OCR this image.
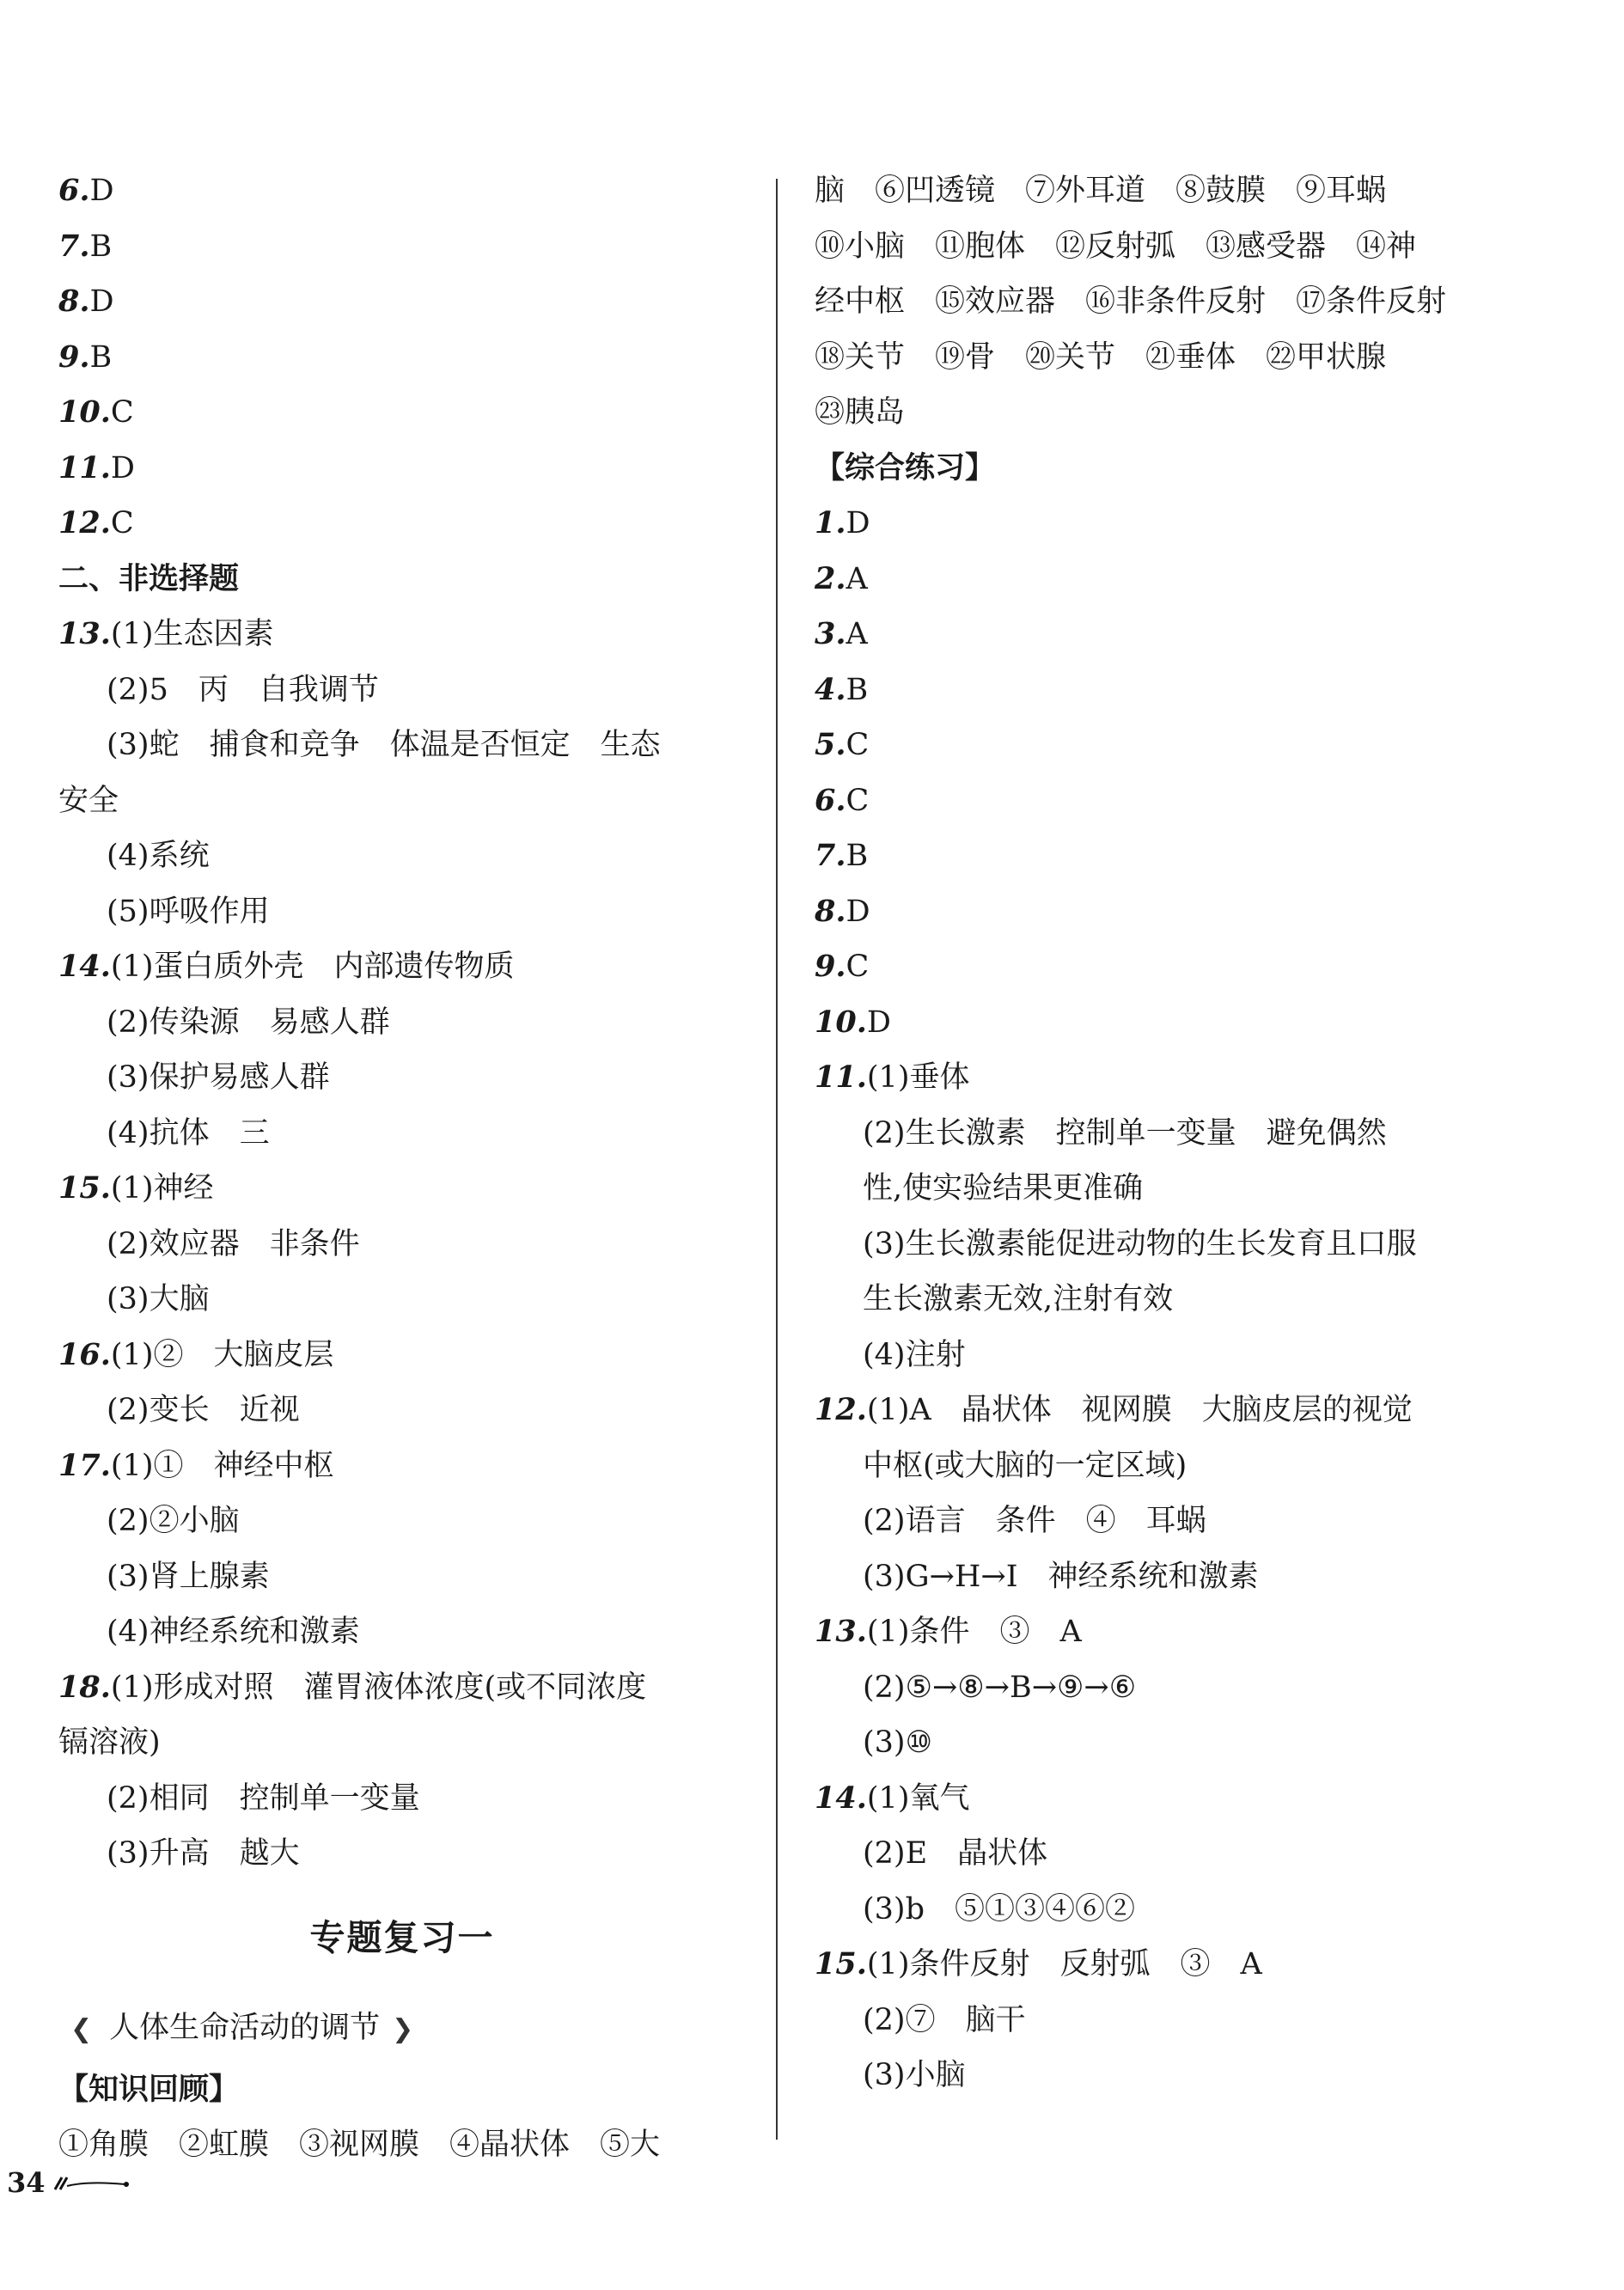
6.D
7.B
8.D
9.B
10.C
11.D
12.C
二、非选择题
13.(1)生态因素
(2)5　丙　自我调节
(3)蛇　捕食和竞争　体温是否恒定　生态
安全
(4)系统
(5)呼吸作用
14.(1)蛋白质外壳　内部遗传物质
(2)传染源　易感人群
(3)保护易感人群
(4)抗体　三
15.(1)神经
(2)效应器　非条件
(3)大脑
16.(1)②　大脑皮层
(2)变长　近视
17.(1)①　神经中枢
(2)②小脑
(3)肾上腺素
(4)神经系统和激素
18.(1)形成对照　灌胃液体浓度(或不同浓度
镉溶液)
(2)相同　控制单一变量
(3)升高　越大
专题复习一
❮ 人体生命活动的调节 ❯
【知识回顾】
①角膜　②虹膜　③视网膜　④晶状体　⑤大
脑　⑥凹透镜　⑦外耳道　⑧鼓膜　⑨耳蜗
⑩小脑　⑪胞体　⑫反射弧　⑬感受器　⑭神
经中枢　⑮效应器　⑯非条件反射　⑰条件反射
⑱关节　⑲骨　⑳关节　㉑垂体　㉒甲状腺
㉓胰岛
【综合练习】
1.D
2.A
3.A
4.B
5.C
6.C
7.B
8.D
9.C
10.D
11.(1)垂体
(2)生长激素　控制单一变量　避免偶然
性,使实验结果更准确
(3)生长激素能促进动物的生长发育且口服
生长激素无效,注射有效
(4)注射
12.(1)A　晶状体　视网膜　大脑皮层的视觉
中枢(或大脑的一定区域)
(2)语言　条件　④　耳蜗
(3)G→H→I　神经系统和激素
13.(1)条件　③　A
(2)⑤→⑧→B→⑨→⑥
(3)⑩
14.(1)氧气
(2)E　晶状体
(3)b　⑤①③④⑥②
15.(1)条件反射　反射弧　③　A
(2)⑦　脑干
(3)小脑
34
